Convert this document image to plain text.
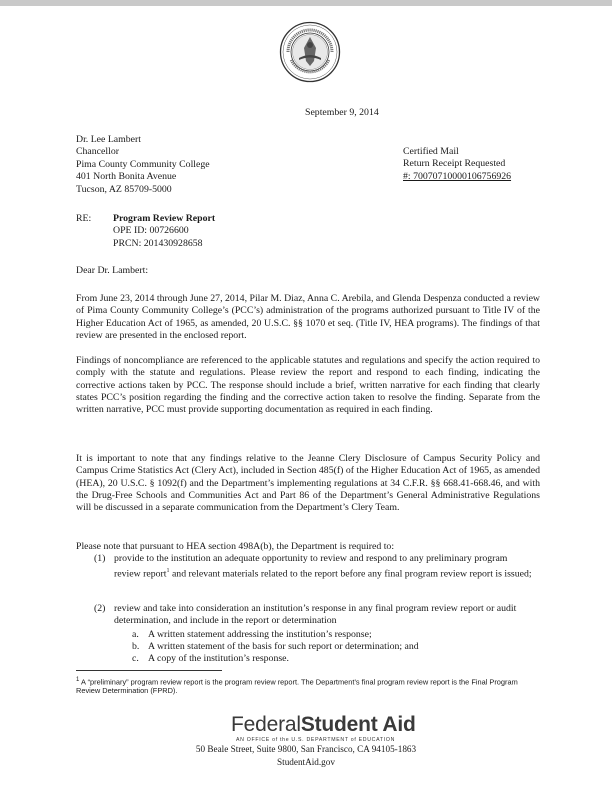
September 9, 2014
Dr. Lee Lambert
Chancellor
Pima County Community College
401 North Bonita Avenue
Tucson, AZ 85709-5000
Certified Mail
Return Receipt Requested
#: 70070710000106756926
RE: Program Review Report
OPE ID: 00726600
PRCN: 201430928658
Dear Dr. Lambert:

From June 23, 2014 through June 27, 2014, Pilar M. Diaz, Anna C. Arebila, and Glenda Despenza conducted a review of Pima County Community College’s (PCC’s) administration of the programs authorized pursuant to Title IV of the Higher Education Act of 1965, as amended, 20 U.S.C. §§ 1070 et seq. (Title IV, HEA programs). The findings of that review are presented in the enclosed report.

Findings of noncompliance are referenced to the applicable statutes and regulations and specify the action required to comply with the statute and regulations. Please review the report and respond to each finding, indicating the corrective actions taken by PCC. The response should include a brief, written narrative for each finding that clearly states PCC’s position regarding the finding and the corrective action taken to resolve the finding. Separate from the written narrative, PCC must provide supporting documentation as required in each finding.

It is important to note that any findings relative to the Jeanne Clery Disclosure of Campus Security Policy and Campus Crime Statistics Act (Clery Act), included in Section 485(f) of the Higher Education Act of 1965, as amended (HEA), 20 U.S.C. § 1092(f) and the Department’s implementing regulations at 34 C.F.R. §§ 668.41-668.46, and with the Drug-Free Schools and Communities Act and Part 86 of the Department’s General Administrative Regulations will be discussed in a separate communication from the Department’s Clery Team.

Please note that pursuant to HEA section 498A(b), the Department is required to:

(1) provide to the institution an adequate opportunity to review and respond to any preliminary program review report$^1$ and relevant materials related to the report before any final program review report is issued;

(2) review and take into consideration an institution’s response in any final program review report or audit determination, and include in the report or determination

a. A written statement addressing the institution’s response;
b. A written statement of the basis for such report or determination; and
c. A copy of the institution’s response.

$^1$ A “preliminary” program review report is the program review report. The Department’s final program review report is the Final Program Review Determination (FPRD).

FederalStudent Aid
AN OFFICE of the U.S. DEPARTMENT of EDUCATION
50 Beale Street, Suite 9800, San Francisco, CA 94105-1863
StudentAid.gov
